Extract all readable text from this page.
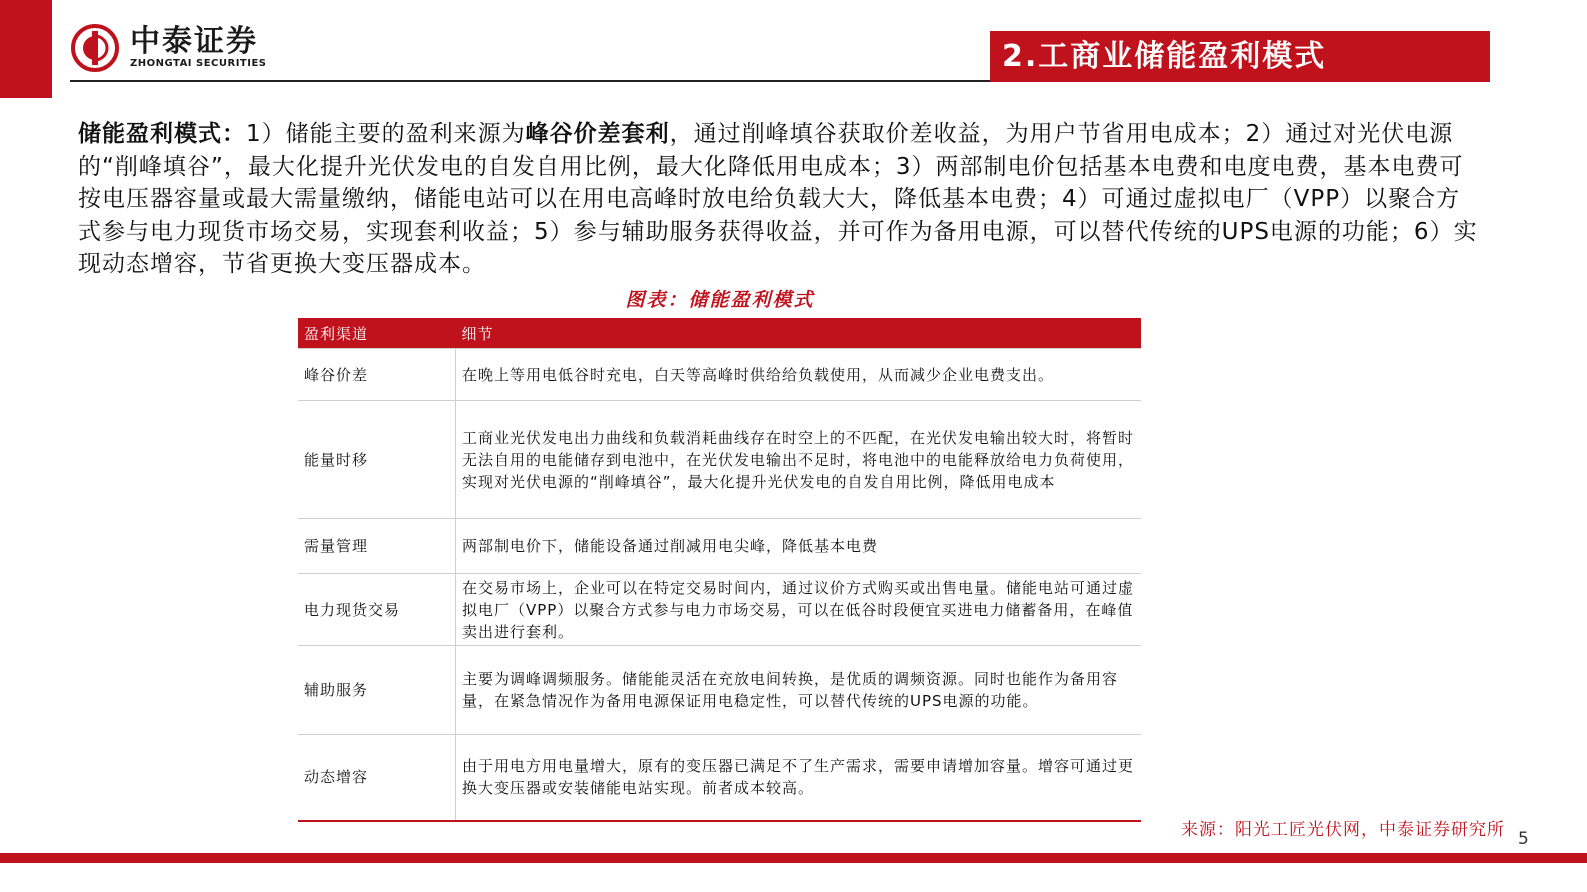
中泰证券
ZHONGTAI SECURITIES	2.工商业储能盈利模式
储能盈利模式：1）储能主要的盈利来源为峰谷价差套利，通过削峰填谷获取价差收益，为用户节省用电成本；2）通过对光伏电源的“削峰填谷”，最大化提升光伏发电的自发自用比例，最大化降低用电成本；3）两部制电价包括基本电费和电度电费，基本电费可按电压器容量或最大需量缴纳，储能电站可以在用电高峰时放电给负载大大，降低基本电费；4）可通过虚拟电厂（VPP）以聚合方式参与电力现货市场交易，实现套利收益；5）参与辅助服务获得收益，并可作为备用电源，可以替代传统的UPS电源的功能；6）实现动态增容，节省更换大变压器成本。
图表：储能盈利模式
盈利渠道	细节
峰谷价差	在晚上等用电低谷时充电，白天等高峰时供给给负载使用，从而减少企业电费支出。
能量时移	工商业光伏发电出力曲线和负载消耗曲线存在时空上的不匹配，在光伏发电输出较大时，将暂时无法自用的电能储存到电池中，在光伏发电输出不足时，将电池中的电能释放给电力负荷使用，实现对光伏电源的“削峰填谷”，最大化提升光伏发电的自发自用比例，降低用电成本
需量管理	两部制电价下，储能设备通过削减用电尖峰，降低基本电费
电力现货交易	在交易市场上，企业可以在特定交易时间内，通过议价方式购买或出售电量。储能电站可通过虚拟电厂（VPP）以聚合方式参与电力市场交易，可以在低谷时段便宜买进电力储蓄备用，在峰值卖出进行套利。
辅助服务	主要为调峰调频服务。储能能灵活在充放电间转换，是优质的调频资源。同时也能作为备用容量，在紧急情况作为备用电源保证用电稳定性，可以替代传统的UPS电源的功能。
动态增容	由于用电方用电量增大，原有的变压器已满足不了生产需求，需要申请增加容量。增容可通过更换大变压器或安装储能电站实现。前者成本较高。
来源：阳光工匠光伏网，中泰证券研究所 5
